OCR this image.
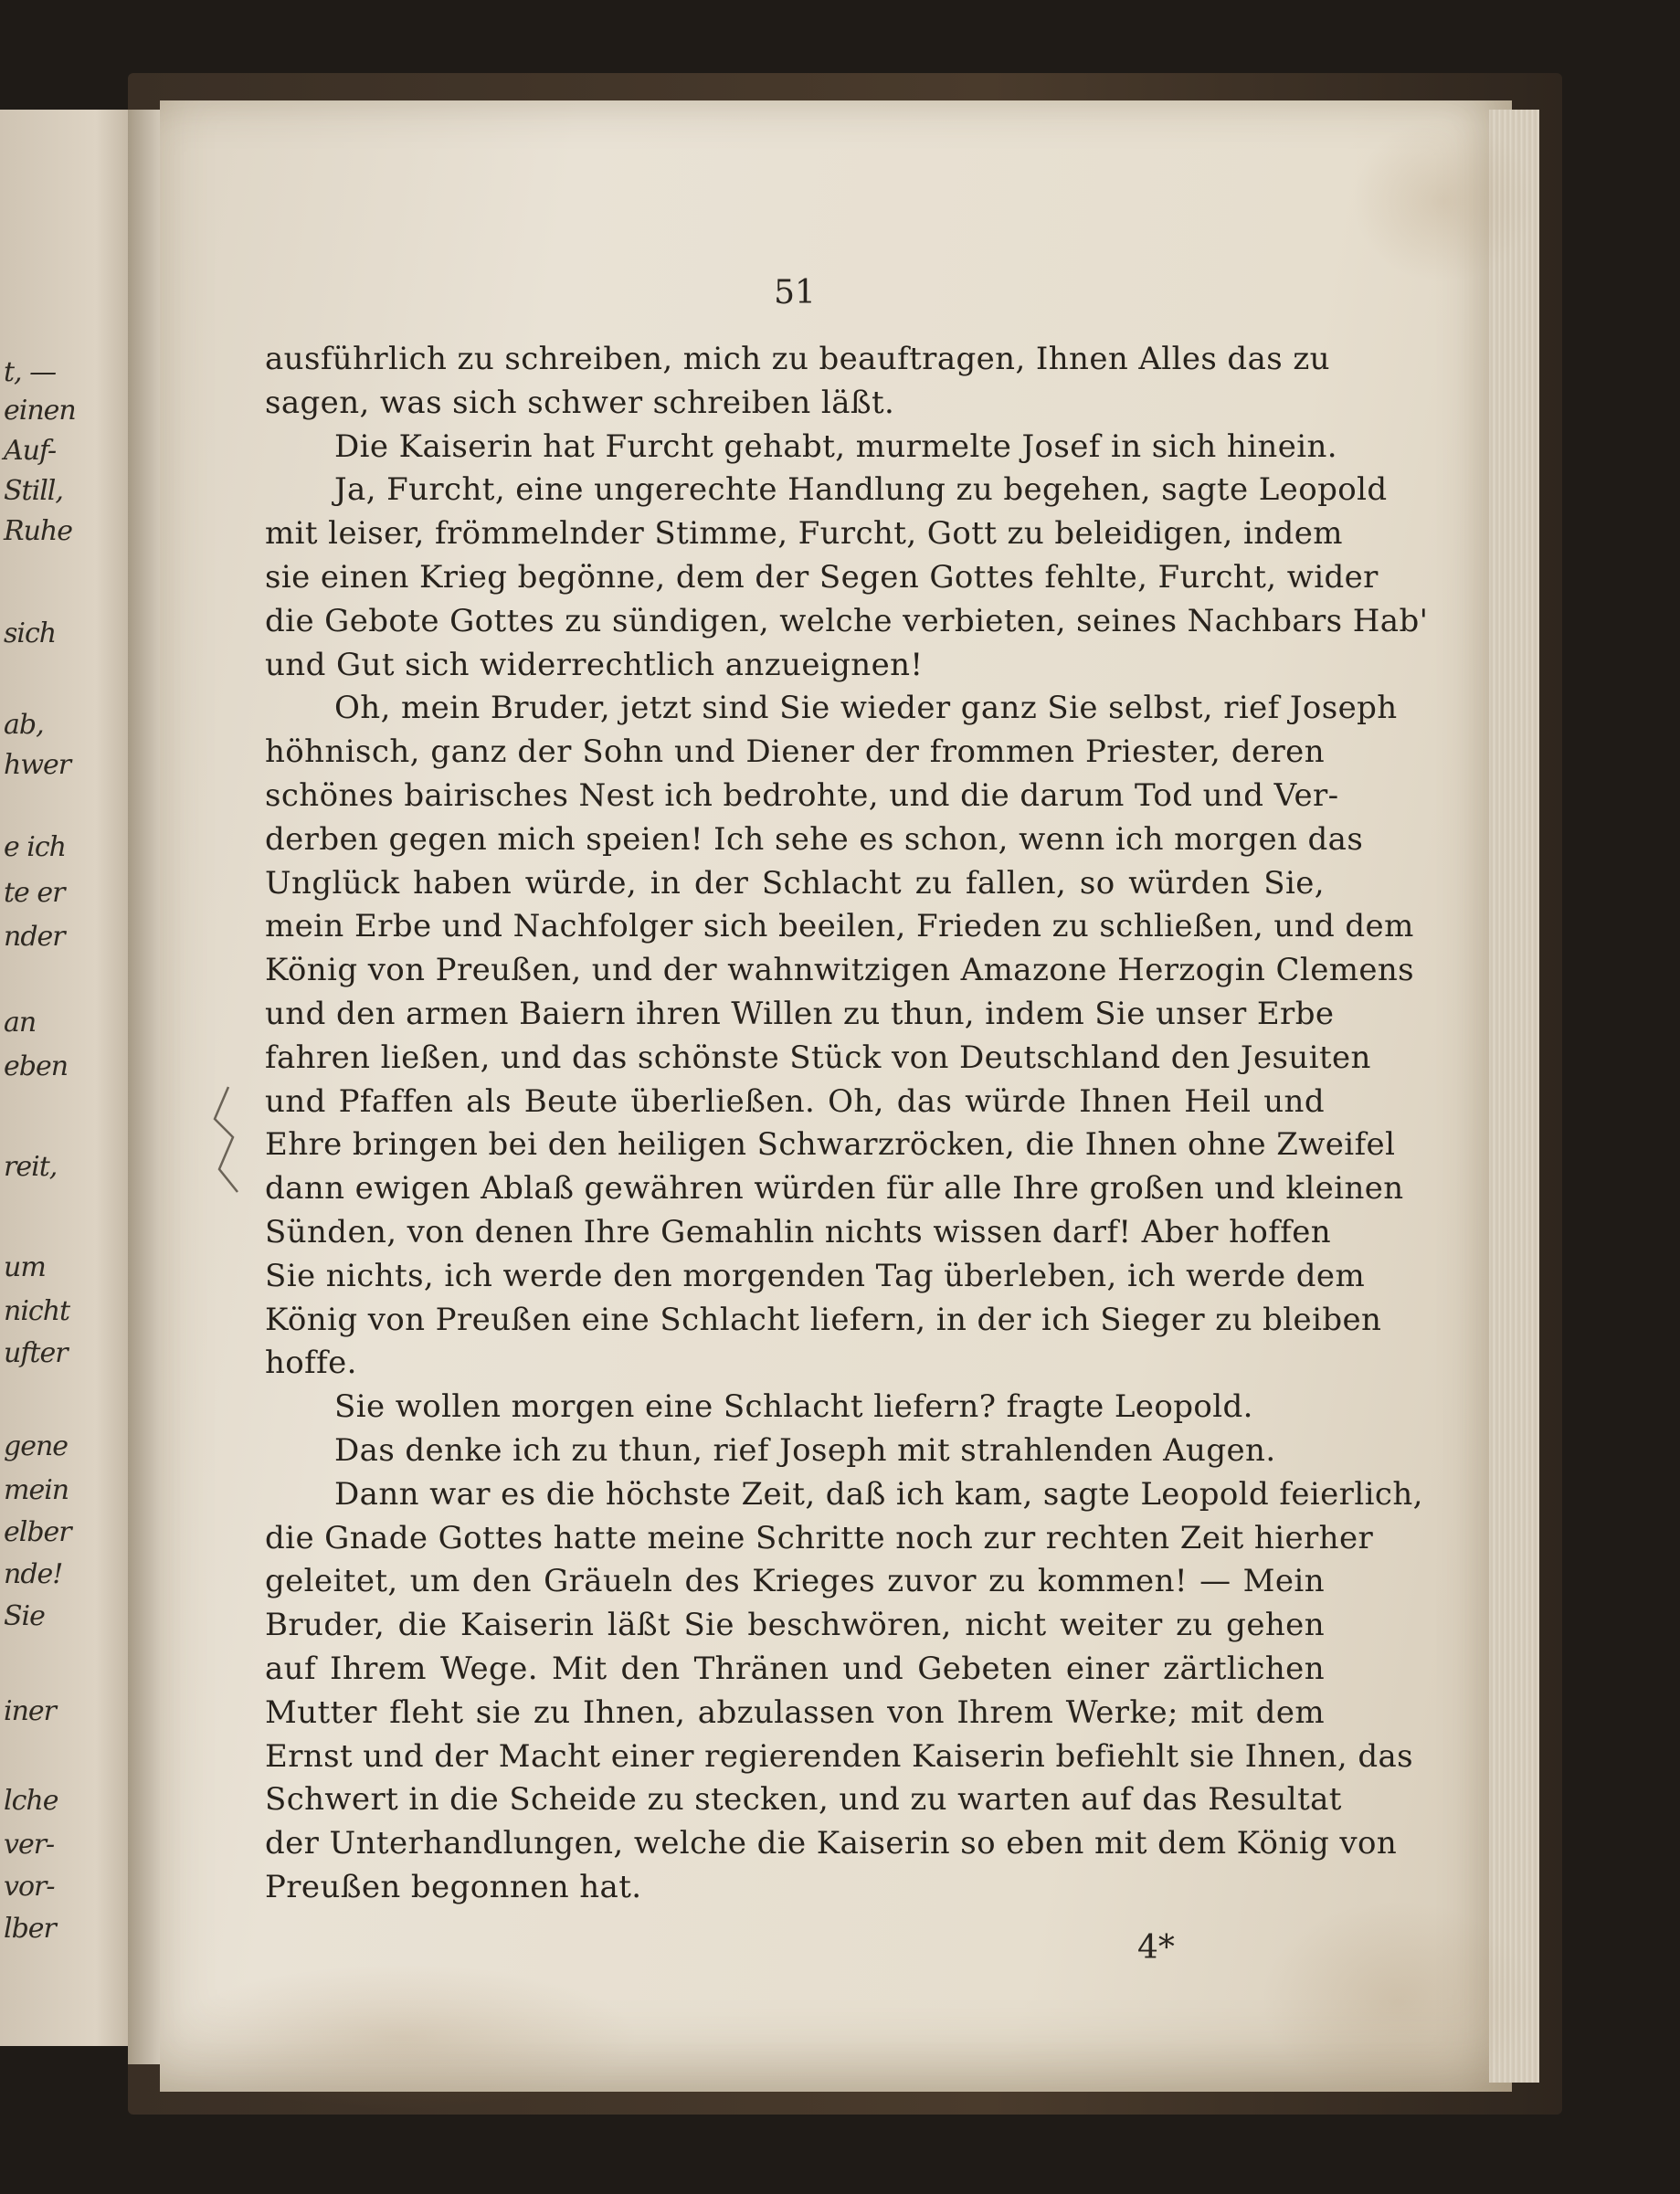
t, —
einen
Auf-
Still,
Ruhe
sich
ab,
hwer
e ich
te er
nder
an
eben
reit,
um
nicht
ufter
gene
mein
elber
nde!
Sie
iner
lche
ver-
vor-
lber
51
ausführlich zu schreiben, mich zu beauftragen, Ihnen Alles das zu
sagen, was sich schwer schreiben läßt.
Die Kaiserin hat Furcht gehabt, murmelte Josef in sich hinein.
Ja, Furcht, eine ungerechte Handlung zu begehen, sagte Leopold
mit leiser, frömmelnder Stimme, Furcht, Gott zu beleidigen, indem
sie einen Krieg begönne, dem der Segen Gottes fehlte, Furcht, wider
die Gebote Gottes zu sündigen, welche verbieten, seines Nachbars Hab'
und Gut sich widerrechtlich anzueignen!
Oh, mein Bruder, jetzt sind Sie wieder ganz Sie selbst, rief Joseph
höhnisch, ganz der Sohn und Diener der frommen Priester, deren
schönes bairisches Nest ich bedrohte, und die darum Tod und Ver-
derben gegen mich speien! Ich sehe es schon, wenn ich morgen das
Unglück haben würde, in der Schlacht zu fallen, so würden Sie,
mein Erbe und Nachfolger sich beeilen, Frieden zu schließen, und dem
König von Preußen, und der wahnwitzigen Amazone Herzogin Clemens
und den armen Baiern ihren Willen zu thun, indem Sie unser Erbe
fahren ließen, und das schönste Stück von Deutschland den Jesuiten
und Pfaffen als Beute überließen. Oh, das würde Ihnen Heil und
Ehre bringen bei den heiligen Schwarzröcken, die Ihnen ohne Zweifel
dann ewigen Ablaß gewähren würden für alle Ihre großen und kleinen
Sünden, von denen Ihre Gemahlin nichts wissen darf! Aber hoffen
Sie nichts, ich werde den morgenden Tag überleben, ich werde dem
König von Preußen eine Schlacht liefern, in der ich Sieger zu bleiben
hoffe.
Sie wollen morgen eine Schlacht liefern? fragte Leopold.
Das denke ich zu thun, rief Joseph mit strahlenden Augen.
Dann war es die höchste Zeit, daß ich kam, sagte Leopold feierlich,
die Gnade Gottes hatte meine Schritte noch zur rechten Zeit hierher
geleitet, um den Gräueln des Krieges zuvor zu kommen! — Mein
Bruder, die Kaiserin läßt Sie beschwören, nicht weiter zu gehen
auf Ihrem Wege. Mit den Thränen und Gebeten einer zärtlichen
Mutter fleht sie zu Ihnen, abzulassen von Ihrem Werke; mit dem
Ernst und der Macht einer regierenden Kaiserin befiehlt sie Ihnen, das
Schwert in die Scheide zu stecken, und zu warten auf das Resultat
der Unterhandlungen, welche die Kaiserin so eben mit dem König von
Preußen begonnen hat.
4*
